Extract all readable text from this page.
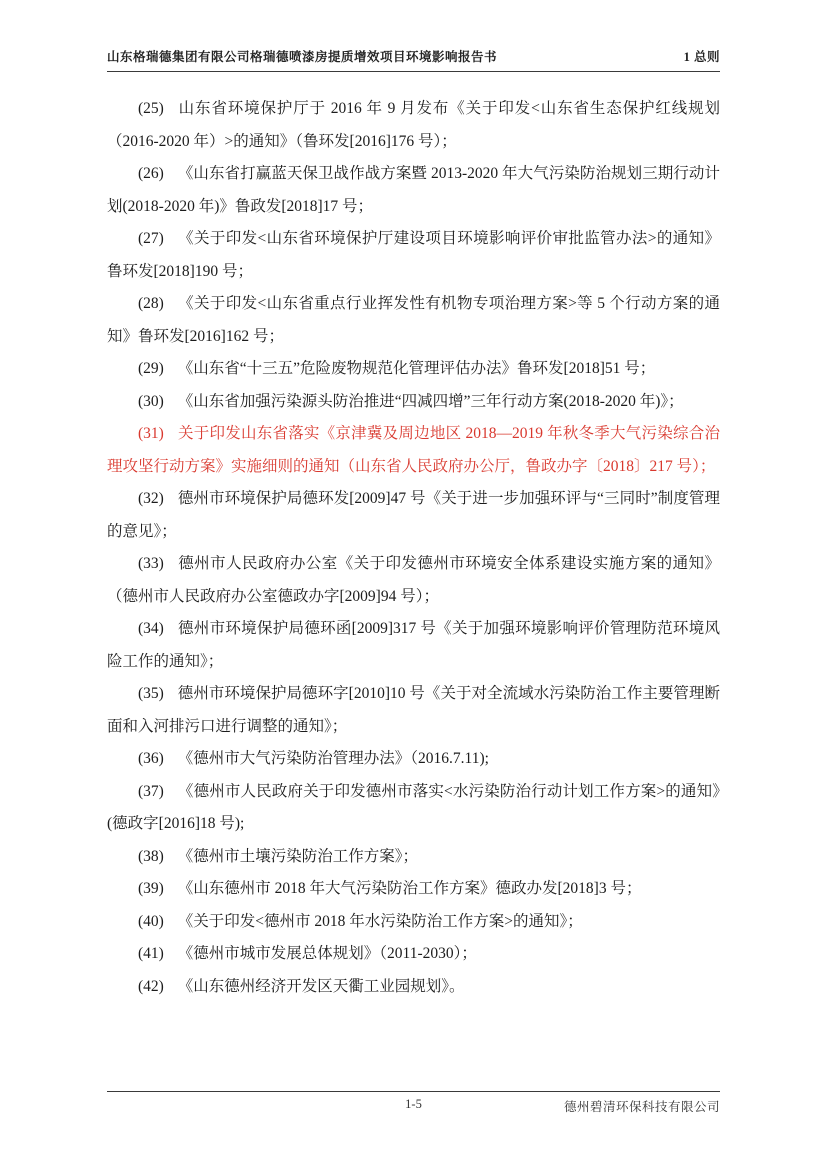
山东格瑞德集团有限公司格瑞德喷漆房提质增效项目环境影响报告书	1 总则

(25) 山东省环境保护厅于 2016 年 9 月发布《关于印发<山东省生态保护红线规划（2016-2020 年）>的通知》（鲁环发[2016]176 号）；

(26) 《山东省打赢蓝天保卫战作战方案暨 2013-2020 年大气污染防治规划三期行动计划(2018-2020 年)》鲁政发[2018]17 号；

(27) 《关于印发<山东省环境保护厅建设项目环境影响评价审批监管办法>的通知》鲁环发[2018]190 号；

(28) 《关于印发<山东省重点行业挥发性有机物专项治理方案>等 5 个行动方案的通知》鲁环发[2016]162 号；

(29) 《山东省“十三五”危险废物规范化管理评估办法》鲁环发[2018]51 号；

(30) 《山东省加强污染源头防治推进“四减四增”三年行动方案(2018-2020 年)》；

(31) 关于印发山东省落实《京津冀及周边地区 2018—2019 年秋冬季大气污染综合治理攻坚行动方案》实施细则的通知（山东省人民政府办公厅，鲁政办字〔2018〕217 号）；

(32) 德州市环境保护局德环发[2009]47 号《关于进一步加强环评与“三同时”制度管理的意见》；

(33) 德州市人民政府办公室《关于印发德州市环境安全体系建设实施方案的通知》（德州市人民政府办公室德政办字[2009]94 号）；

(34) 德州市环境保护局德环函[2009]317 号《关于加强环境影响评价管理防范环境风险工作的通知》；

(35) 德州市环境保护局德环字[2010]10 号《关于对全流域水污染防治工作主要管理断面和入河排污口进行调整的通知》；

(36) 《德州市大气污染防治管理办法》（2016.7.11);

(37) 《德州市人民政府关于印发德州市落实<水污染防治行动计划工作方案>的通知》(德政字[2016]18 号);

(38) 《德州市土壤污染防治工作方案》；

(39) 《山东德州市 2018 年大气污染防治工作方案》德政办发[2018]3 号；

(40) 《关于印发<德州市 2018 年水污染防治工作方案>的通知》；

(41) 《德州市城市发展总体规划》（2011-2030）；

(42) 《山东德州经济开发区天衢工业园规划》。

1-5	德州碧清环保科技有限公司
